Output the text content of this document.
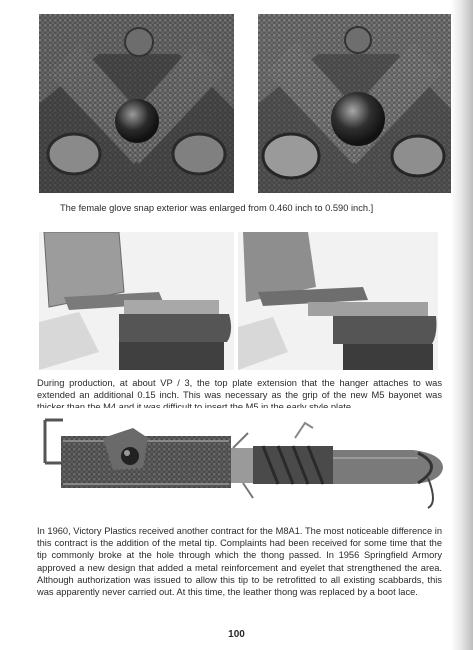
The female glove snap exterior was enlarged from 0.460 inch to 0.590 inch.]

During production, at about VP / 3, the top plate extension that the hanger attaches to was extended an additional 0.15 inch. This was necessary as the grip of the new M5 bayonet was

In 1960, Victory Plastics received another contract for the M8A1. The most noticeable difference in this contract is the addition of the metal tip. Complaints had been received for some time that the tip commonly broke at the hole through which the thong passed. In 1956 Springfield Armory approved a new design that added a metal reinforcement and eyelet that strengthened the area. Although authorization was issued to allow this tip to be retrofitted to all existing scabbards, this was apparently never carried out. At this time, the leather thong was replaced by a boot lace.

100
